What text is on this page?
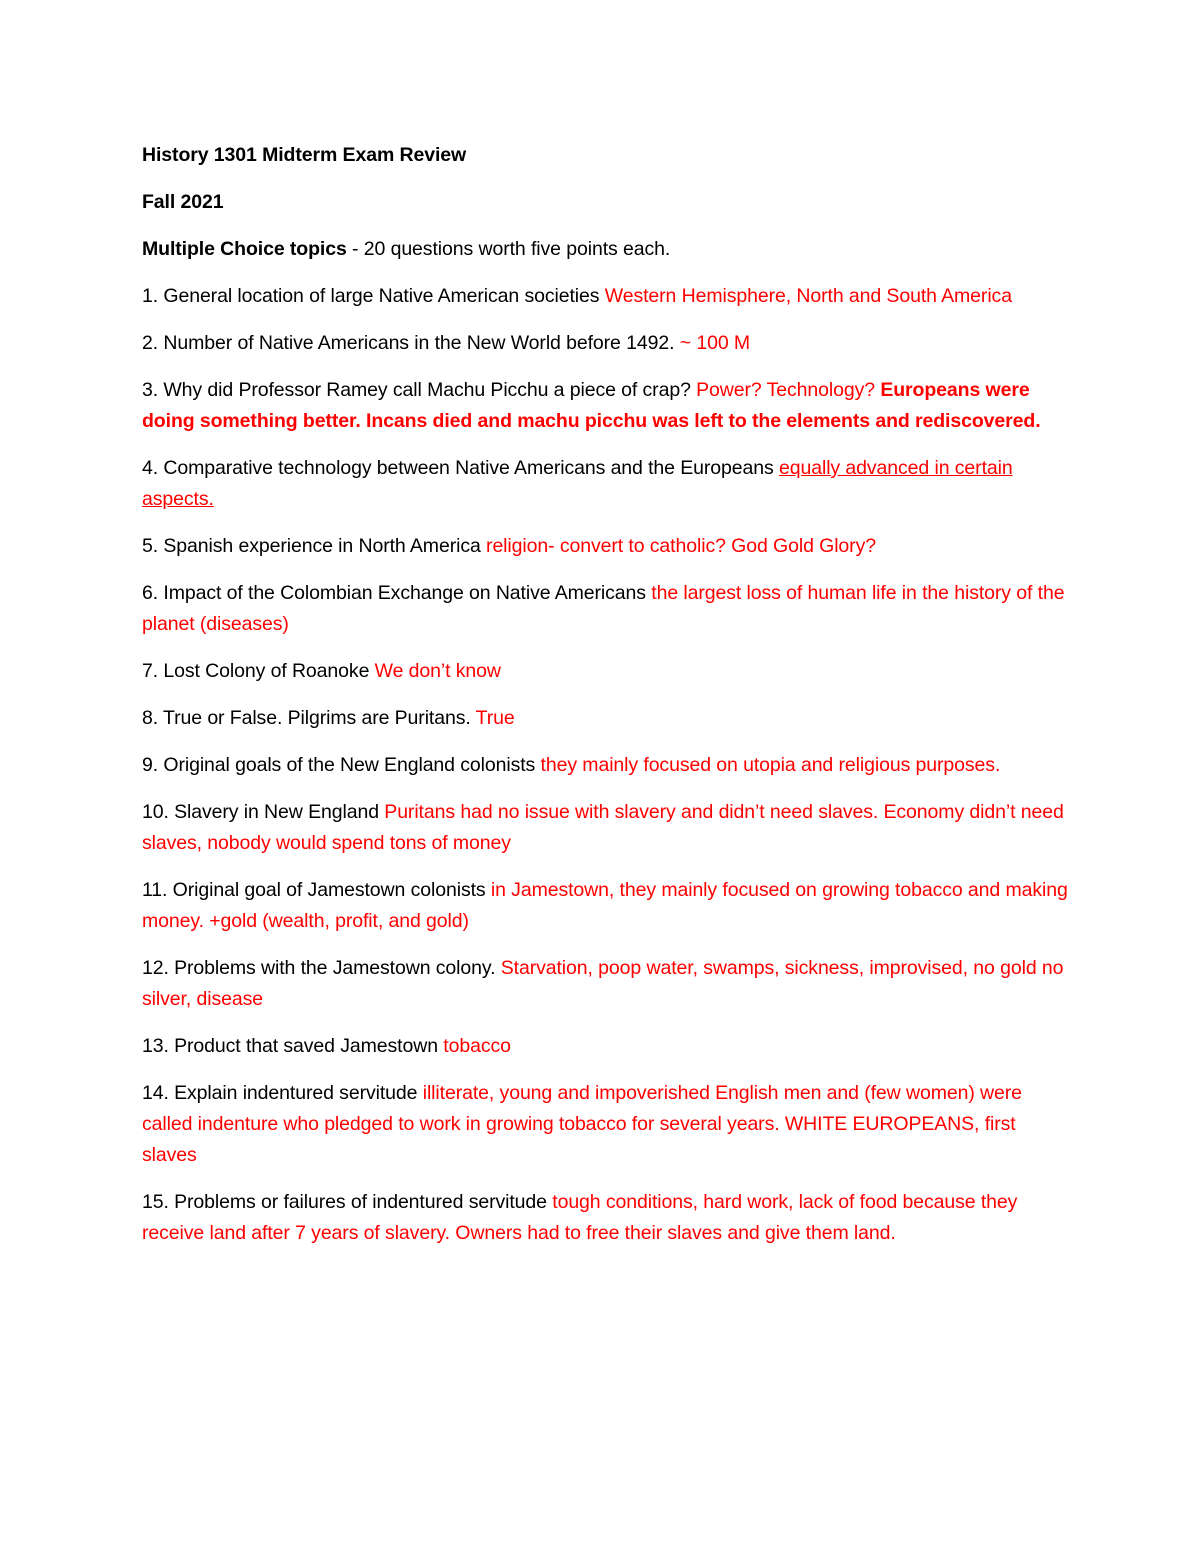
History 1301 Midterm Exam Review

Fall 2021

Multiple Choice topics - 20 questions worth five points each.

1. General location of large Native American societies Western Hemisphere, North and South America

2. Number of Native Americans in the New World before 1492. ~ 100 M

3. Why did Professor Ramey call Machu Picchu a piece of crap? Power? Technology? Europeans were doing something better. Incans died and machu picchu was left to the elements and rediscovered.

4. Comparative technology between Native Americans and the Europeans equally advanced in certain aspects.

5. Spanish experience in North America religion- convert to catholic? God Gold Glory?

6. Impact of the Colombian Exchange on Native Americans the largest loss of human life in the history of the planet (diseases)

7. Lost Colony of Roanoke We don’t know

8. True or False. Pilgrims are Puritans. True

9. Original goals of the New England colonists they mainly focused on utopia and religious purposes.

10. Slavery in New England Puritans had no issue with slavery and didn’t need slaves. Economy didn’t need slaves, nobody would spend tons of money

11. Original goal of Jamestown colonists in Jamestown, they mainly focused on growing tobacco and making money. +gold (wealth, profit, and gold)

12. Problems with the Jamestown colony. Starvation, poop water, swamps, sickness, improvised, no gold no silver, disease

13. Product that saved Jamestown tobacco

14. Explain indentured servitude illiterate, young and impoverished English men and (few women) were called indenture who pledged to work in growing tobacco for several years. WHITE EUROPEANS, first slaves

15. Problems or failures of indentured servitude tough conditions, hard work, lack of food because they receive land after 7 years of slavery. Owners had to free their slaves and give them land.
